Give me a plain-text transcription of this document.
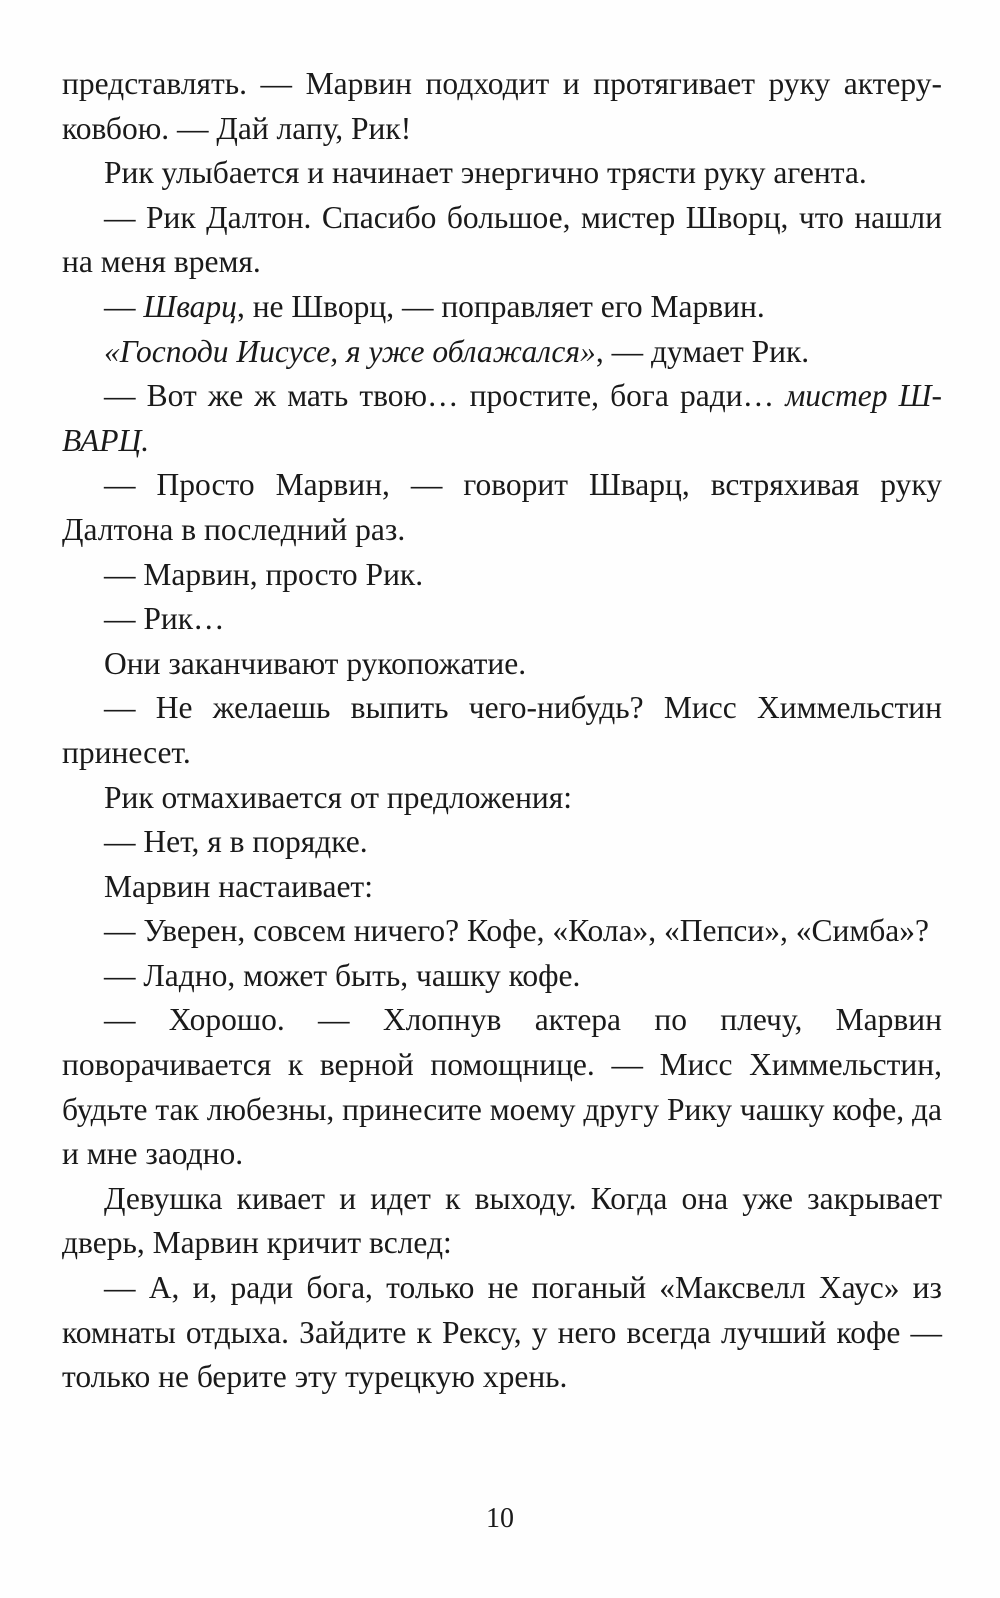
представлять. — Марвин подходит и протягивает руку актеру-ковбою. — Дай лапу, Рик!

Рик улыбается и начинает энергично трясти руку агента.

— Рик Далтон. Спасибо большое, мистер Шворц, что нашли на меня время.

— Шварц, не Шворц, — поправляет его Марвин.

«Господи Иисусе, я уже облажался», — думает Рик.

— Вот же ж мать твою… простите, бога ради… мистер Ш-ВАРЦ.

— Просто Марвин, — говорит Шварц, встряхивая руку Далтона в последний раз.

— Марвин, просто Рик.

— Рик…

Они заканчивают рукопожатие.

— Не желаешь выпить чего-нибудь? Мисс Химмельстин принесет.

Рик отмахивается от предложения:

— Нет, я в порядке.

Марвин настаивает:

— Уверен, совсем ничего? Кофе, «Кола», «Пепси», «Симба»?

— Ладно, может быть, чашку кофе.

— Хорошо. — Хлопнув актера по плечу, Марвин поворачивается к верной помощнице. — Мисс Химмельстин, будьте так любезны, принесите моему другу Рику чашку кофе, да и мне заодно.

Девушка кивает и идет к выходу. Когда она уже закрывает дверь, Марвин кричит вслед:

— А, и, ради бога, только не поганый «Максвелл Хаус» из комнаты отдыха. Зайдите к Рексу, у него всегда лучший кофе — только не берите эту турецкую хрень.

10
